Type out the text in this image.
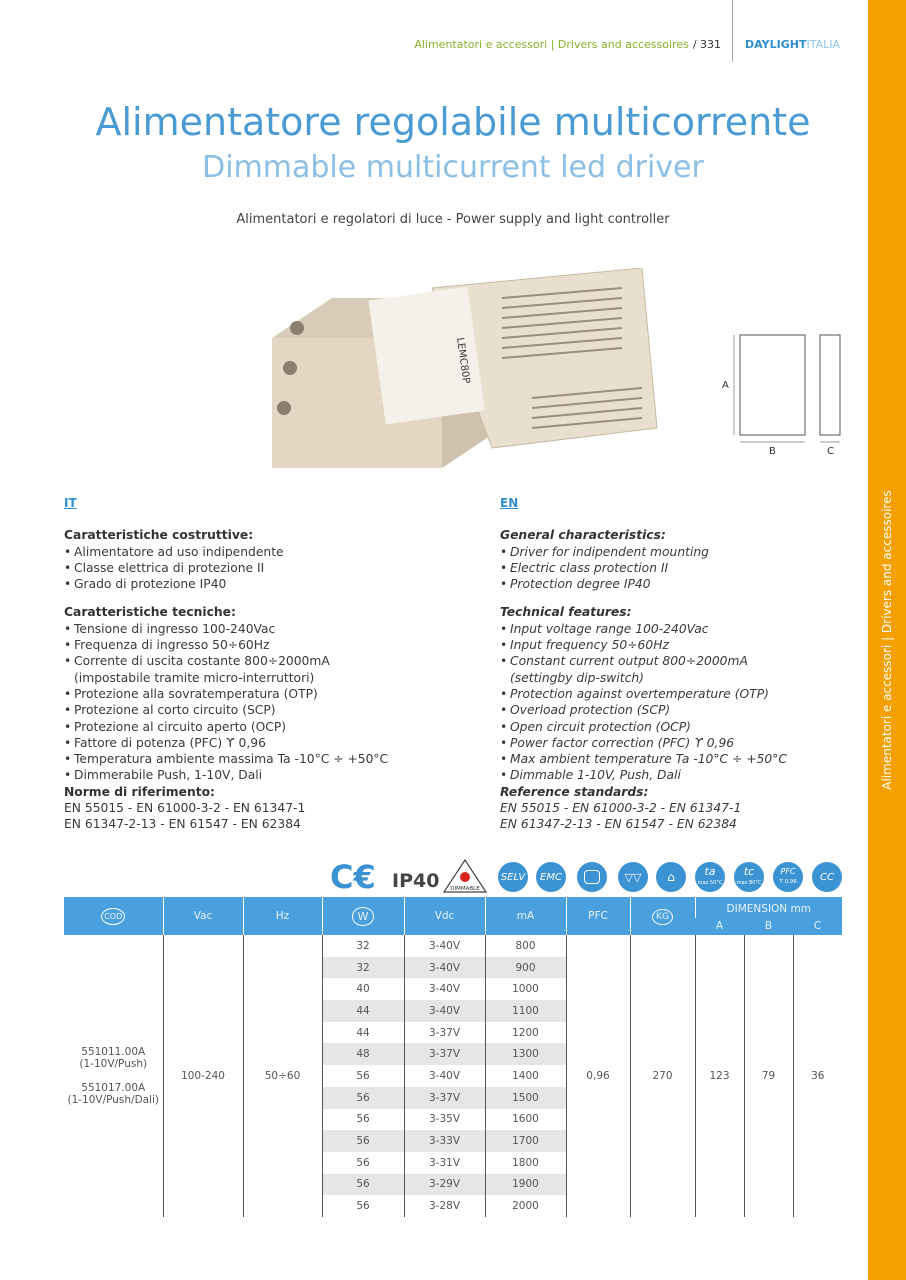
Alimentatori e accessori | Drivers and accessoires
Alimentatori e accessori | Drivers and accessoires / 331 DAYLIGHTITALIA
Alimentatore regolabile multicorrente
Dimmable multicurrent led driver
Alimentatori e regolatori di luce - Power supply and light controller
LEMC80P
A
B	C
IT
Caratteristiche costruttive:
• Alimentatore ad uso indipendente
• Classe elettrica di protezione II
• Grado di protezione IP40
Caratteristiche tecniche:
• Tensione di ingresso 100-240Vac
• Frequenza di ingresso 50÷60Hz
• Corrente di uscita costante 800÷2000mA
(impostabile tramite micro-interruttori)
• Protezione alla sovratemperatura (OTP)
• Protezione al corto circuito (SCP)
• Protezione al circuito aperto (OCP)
• Fattore di potenza (PFC) ϒ 0,96
• Temperatura ambiente massima Ta -10°C ÷ +50°C
• Dimmerabile Push, 1-10V, Dali
Norme di riferimento:
EN 55015 - EN 61000-3-2 - EN 61347-1
EN 61347-2-13 - EN 61547 - EN 62384
EN
General characteristics:
• Driver for indipendent mounting
• Electric class protection II
• Protection degree IP40
Technical features:
• Input voltage range 100-240Vac
• Input frequency 50÷60Hz
• Constant current output 800÷2000mA
(settingby dip-switch)
• Protection against overtemperature (OTP)
• Overload protection (SCP)
• Open circuit protection (OCP)
• Power factor correction (PFC) ϒ 0,96
• Max ambient temperature Ta -10°C ÷ +50°C
• Dimmable 1-10V, Push, Dali
Reference standards:
EN 55015 - EN 61000-3-2 - EN 61347-1
EN 61347-2-13 - EN 61547 - EN 62384
C€ IP40 DIMMABLE
SELV	EMC	▽▽	⌂	ta
max 50°C
tc
max 80°C
PFC
ϒ 0,96	CC
COD	Vac	Hz	W	Vdc	mA	PFC	KG	DIMENSION mm		
								A	B	C
551011.00A
(1-10V/Push)

551017.00A
(1-10V/Push/Dali)	100-240	50÷60	32	3-40V	800	0,96	270	123	79	36
			32	3-40V	900					
			40	3-40V	1000					
			44	3-40V	1100					
			44	3-37V	1200					
			48	3-37V	1300					
			56	3-40V	1400					
			56	3-37V	1500					
			56	3-35V	1600					
			56	3-33V	1700					
			56	3-31V	1800					
			56	3-29V	1900					
			56	3-28V	2000					
